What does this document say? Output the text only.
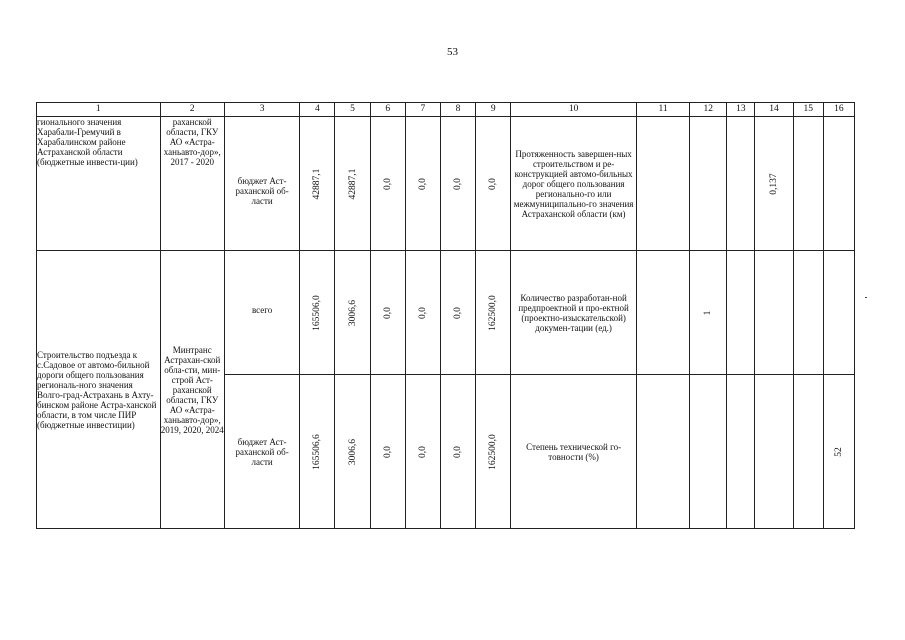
53
1	2	3	4	5	6	7	8	9	10	11	12	13	14	15	16
гионального значения Харабали-Гремучий в Харабалинском районе Астраханской области (бюджетные инвести-ции)	раханской области, ГКУ АО «Астра-ханьавто-дор», 2017 - 2020	бюджет Аст-раханской об-ласти	42887,1	42887,1	0,0	0,0	0,0	0,0	Протяженность завершен-ных строительством и ре-конструкцией автомо-бильных дорог общего пользования регионально-го или межмуниципально-го значения Астраханской области (км)				0,137		

Строительство подъезда к с.Садовое от автомо-бильной дороги общего пользования региональ-ного значения Волго-град-Астрахань в Ахту-бинском районе Астра-ханской области, в том числе ПИР (бюджетные инвестиции)	Минтранс Астрахан-ской обла-сти, мин-строй Аст-раханской области, ГКУ АО «Астра-ханьавто-дор», 2019, 2020, 2024	всего	165506,0	3006,6	0,0	0,0	0,0	162500,0	Количество разработан-ной предпроектной и про-ектной (проектно-изыскательской) докумен-тации (ед.)		1				

		бюджет Аст-раханской об-ласти	165506,6	3006,6	0,0	0,0	0,0	162500,0	Степень технической го-товности (%)						52
